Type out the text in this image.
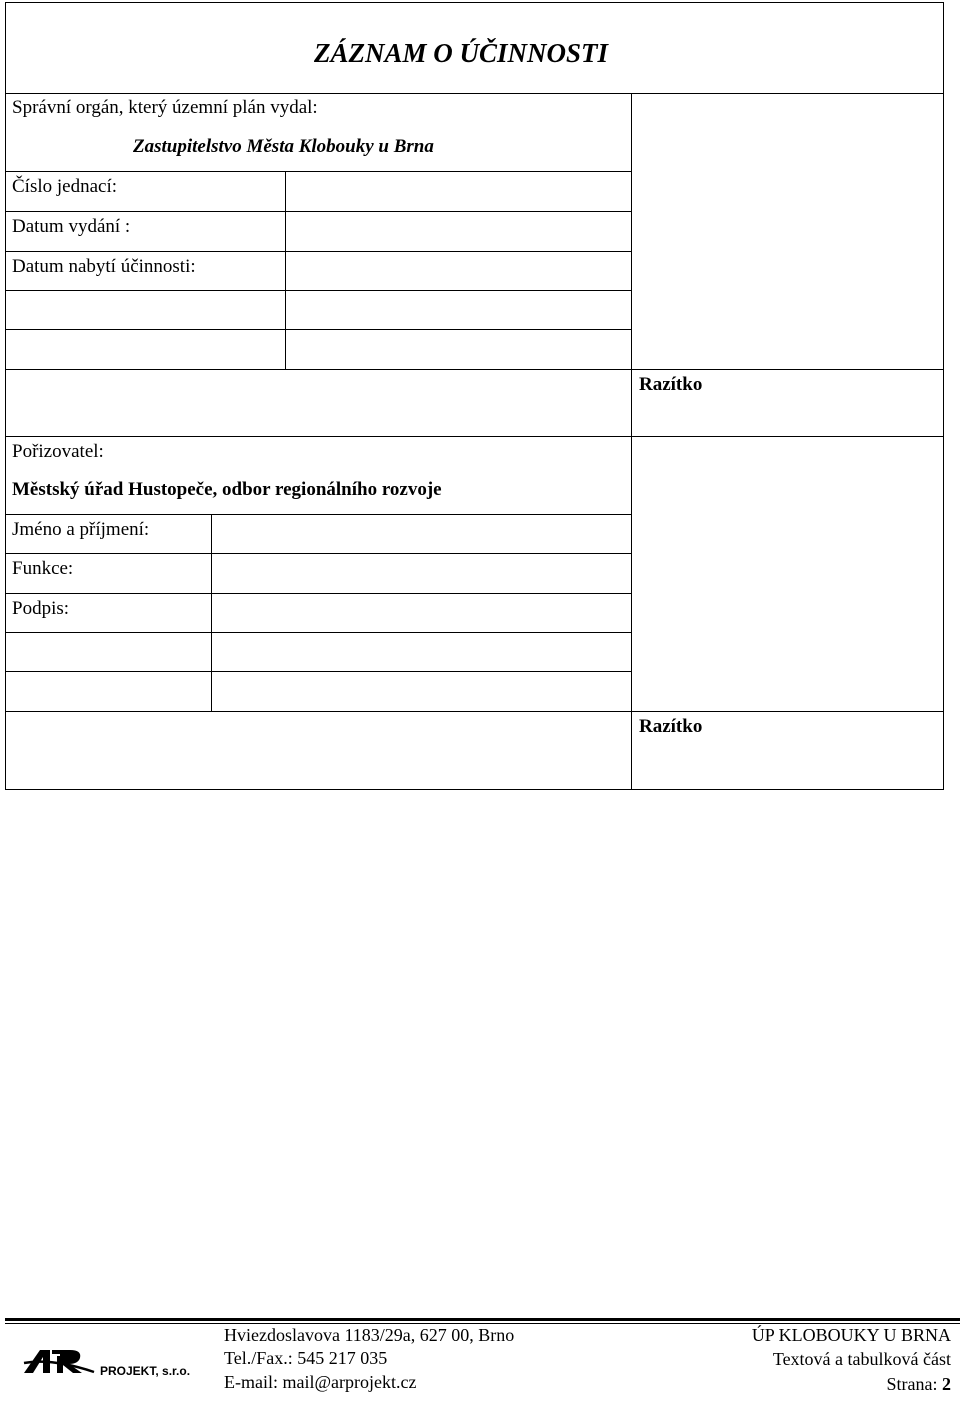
ZÁZNAM O ÚČINNOSTI
Správní orgán, který územní plán vydal:
Zastupitelstvo Města Klobouky u Brna
Číslo jednací:
Datum vydání :
Datum nabytí účinnosti:
Razítko
Pořizovatel:
Městský úřad Hustopeče, odbor regionálního rozvoje
Jméno a příjmení:
Funkce:
Podpis:
Razítko
PROJEKT, s.r.o.
Hviezdoslavova 1183/29a, 627 00, Brno
Tel./Fax.: 545 217 035
E-mail: mail@arprojekt.cz
ÚP KLOBOUKY U BRNA
Textová a tabulková část
Strana: 2
